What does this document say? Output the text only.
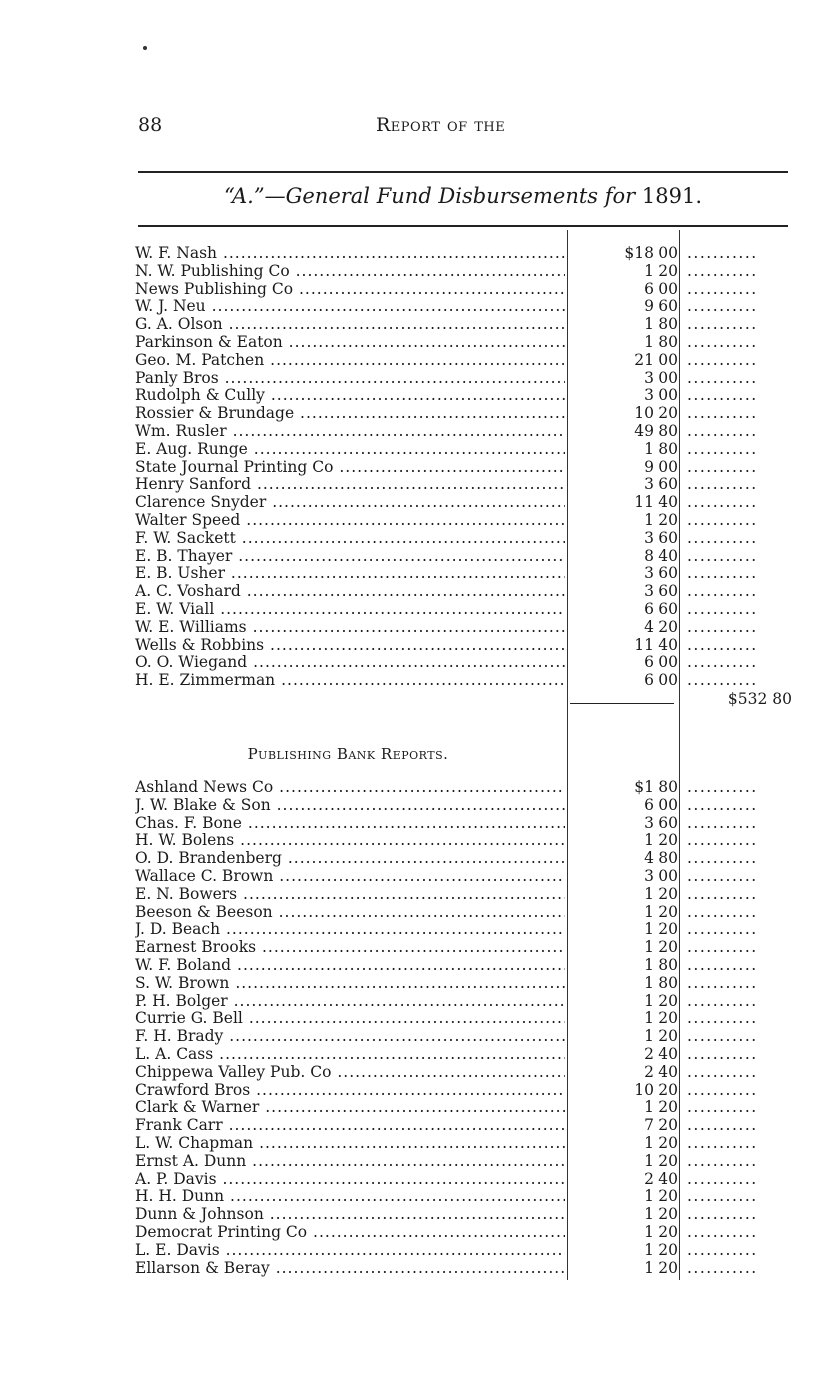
88	Report of the
“A.”—General Fund Disbursements for 1891.
W. F. Nash .....	$18 00 ...........
N. W. Publishing Co .....	1 20 ...........
News Publishing Co .....	6 00 ...........
W. J. Neu .....	9 60 ...........
G. A. Olson .....	1 80 ...........
Parkinson & Eaton .....	1 80 ...........
Geo. M. Patchen .....	21 00 ...........
Panly Bros .....	3 00 ...........
Rudolph & Cully .....	3 00 ...........
Rossier & Brundage .....	10 20 ...........
Wm. Rusler .....	49 80 ...........
E. Aug. Runge .....	1 80 ...........
State Journal Printing Co .....	9 00 ...........
Henry Sanford .....	3 60 ...........
Clarence Snyder .....	11 40 ...........
Walter Speed .....	1 20 ...........
F. W. Sackett .....	3 60 ...........
E. B. Thayer .....	8 40 ...........
E. B. Usher .....	3 60 ...........
A. C. Voshard .....	3 60 ...........
E. W. Viall .....	6 60 ...........
W. E. Williams .....	4 20 ...........
Wells & Robbins .....	11 40 ...........
O. O. Wiegand .....	6 00 ...........
H. E. Zimmerman .....	6 00 ...........
$532 80
Publishing Bank Reports.
Ashland News Co .....	$1 80 ...........
J. W. Blake & Son .....	6 00 ...........
Chas. F. Bone .....	3 60 ...........
H. W. Bolens .....	1 20 ...........
O. D. Brandenberg .....	4 80 ...........
Wallace C. Brown .....	3 00 ...........
E. N. Bowers .....	1 20 ...........
Beeson & Beeson .....	1 20 ...........
J. D. Beach .....	1 20 ...........
Earnest Brooks .....	1 20 ...........
W. F. Boland .....	1 80 ...........
S. W. Brown .....	1 80 ...........
P. H. Bolger .....	1 20 ...........
Currie G. Bell .....	1 20 ...........
F. H. Brady .....	1 20 ...........
L. A. Cass .....	2 40 ...........
Chippewa Valley Pub. Co .....	2 40 ...........
Crawford Bros .....	10 20 ...........
Clark & Warner .....	1 20 ...........
Frank Carr .....	7 20 ...........
L. W. Chapman .....	1 20 ...........
Ernst A. Dunn .....	1 20 ...........
A. P. Davis .....	2 40 ...........
H. H. Dunn .....	1 20 ...........
Dunn & Johnson .....	1 20 ...........
Democrat Printing Co .....	1 20 ...........
L. E. Davis .....	1 20 ...........
Ellarson & Beray .....	1 20 ...........
